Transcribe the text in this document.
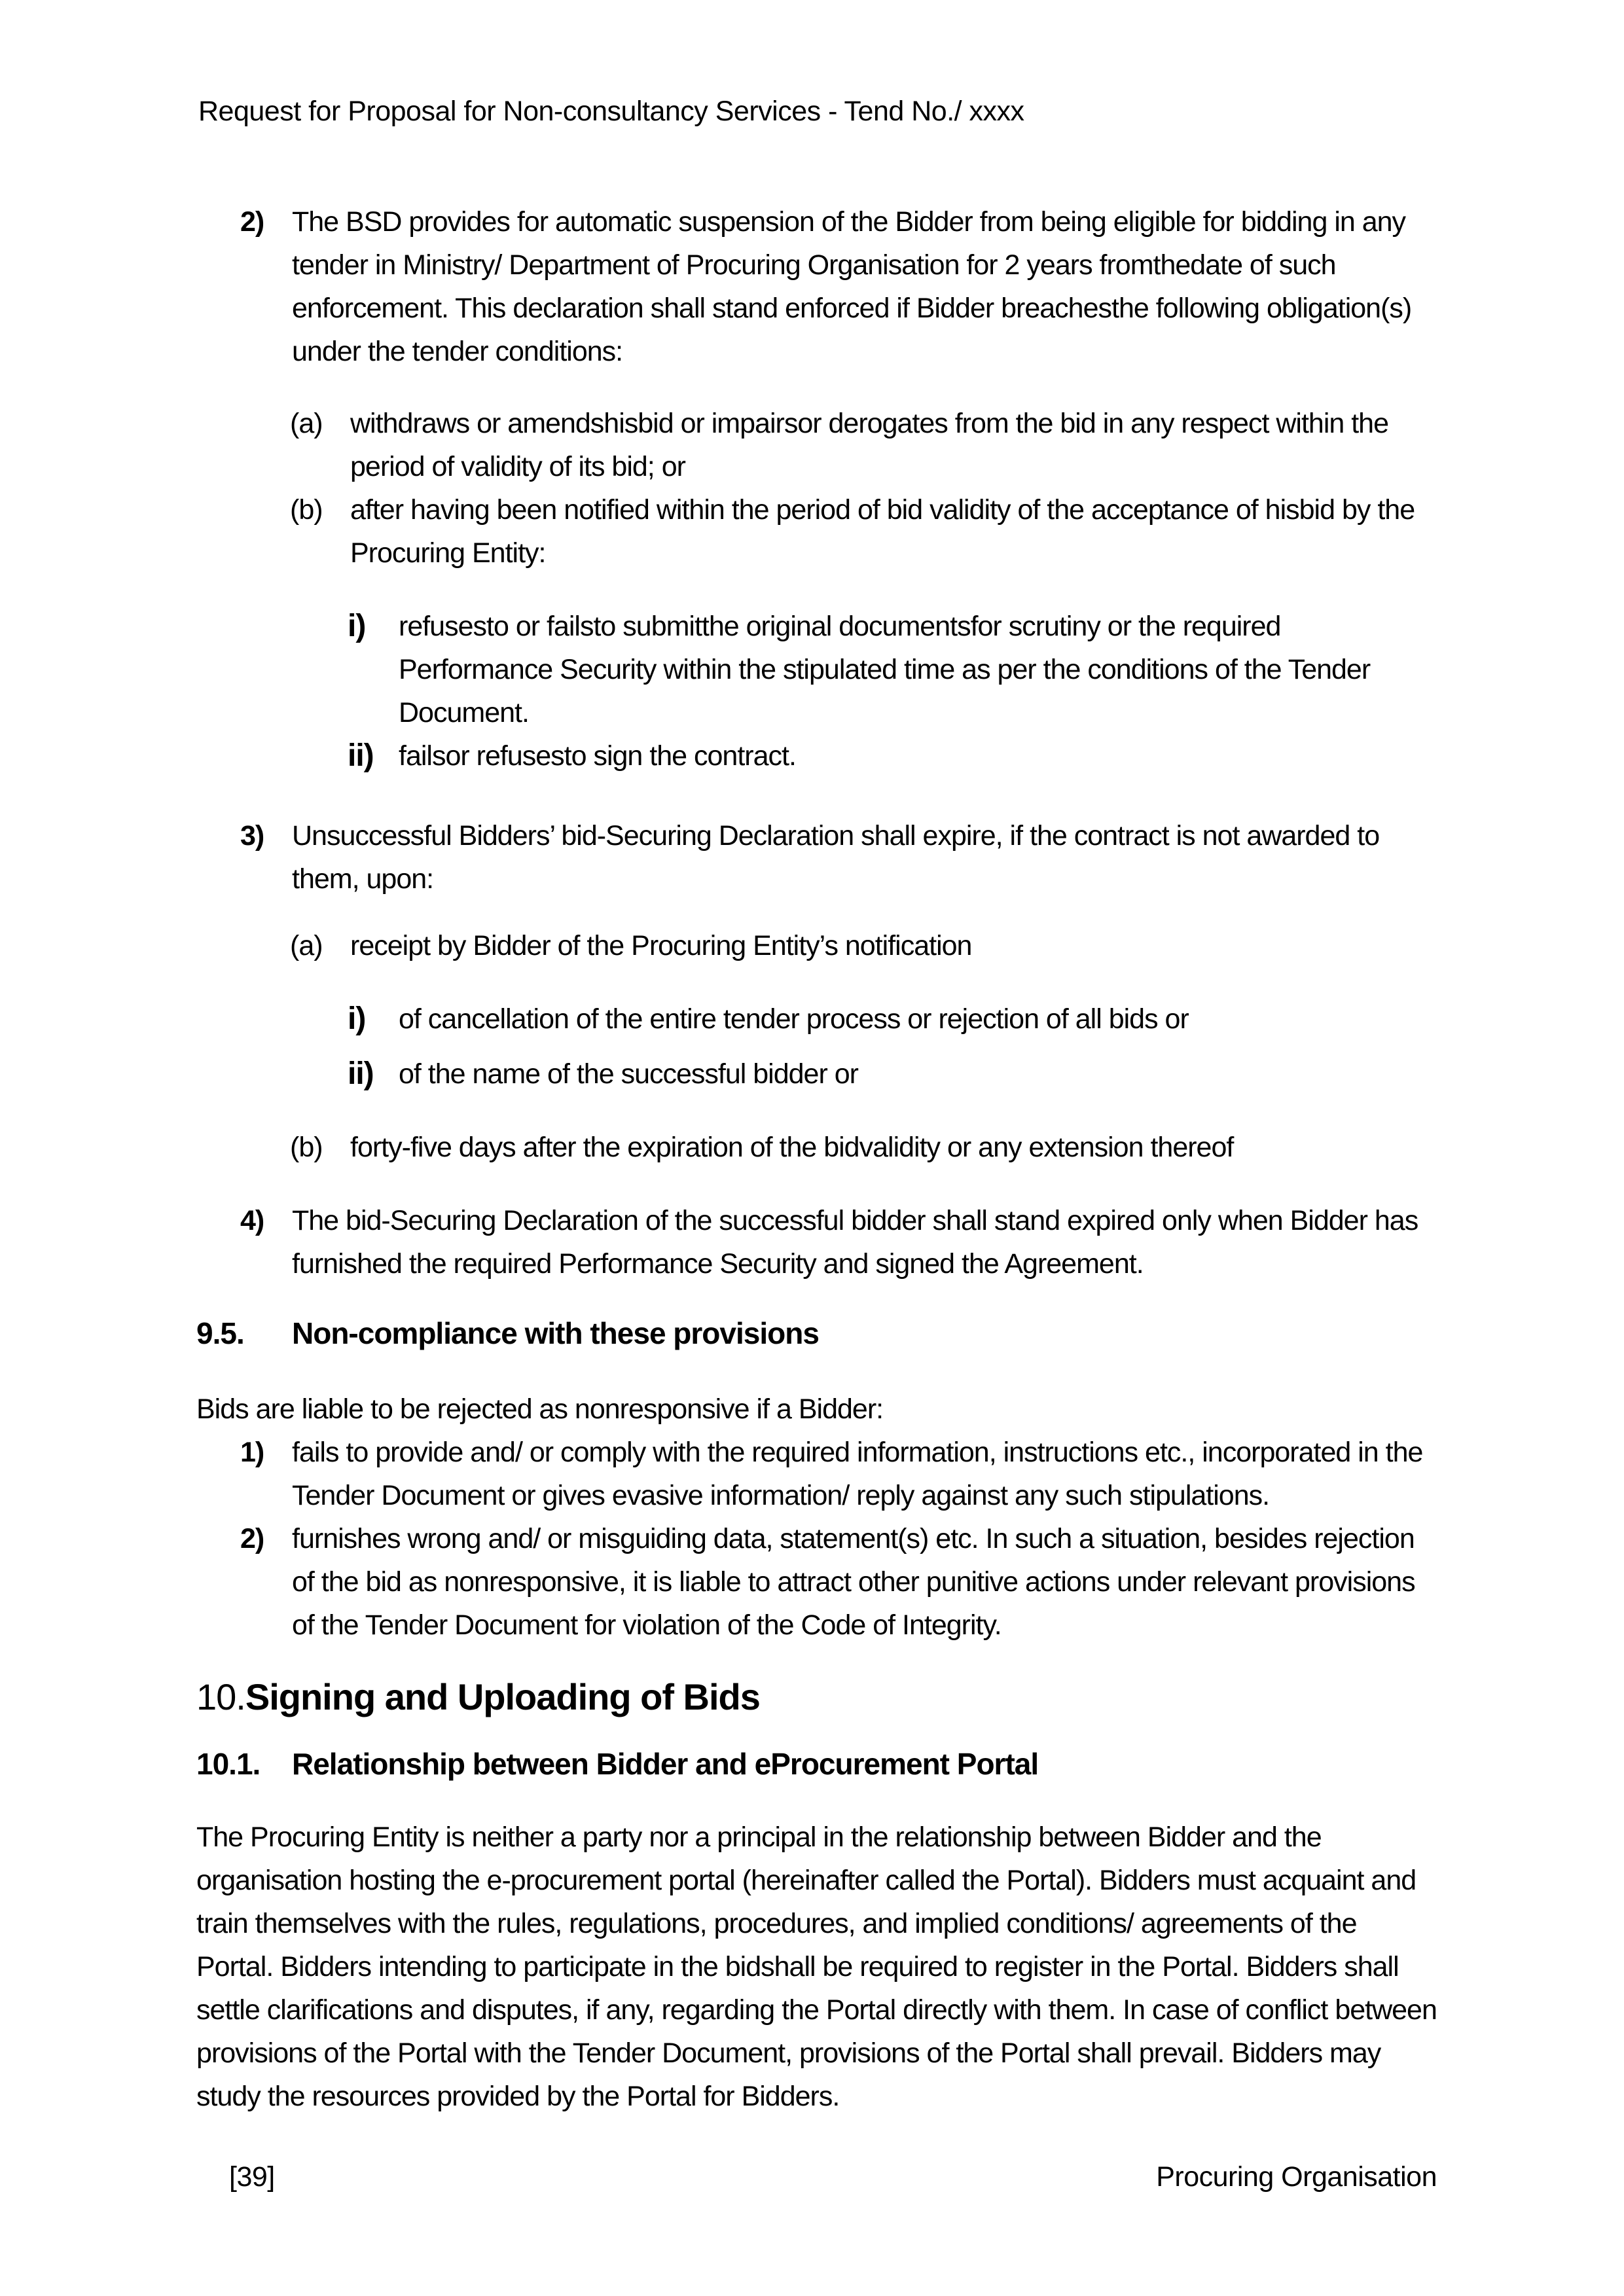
Request for Proposal for Non-consultancy Services - Tend No./ xxxx
2) The BSD provides for automatic suspension of the Bidder from being eligible for bidding in any tender in Ministry/ Department of Procuring Organisation for 2 years fromthedate of such enforcement. This declaration shall stand enforced if Bidder breachesthe following obligation(s) under the tender conditions:
(a) withdraws or amendshisbid or impairsor derogates from the bid in any respect within the period of validity of its bid; or
(b) after having been notified within the period of bid validity of the acceptance of hisbid by the Procuring Entity:
i)	refusesto or failsto submitthe original documentsfor scrutiny or the required Performance Security within the stipulated time as per the conditions of the Tender Document.
ii) failsor refusesto sign the contract.
3) Unsuccessful Bidders’ bid-Securing Declaration shall expire, if the contract is not awarded to them, upon:
(a) receipt by Bidder of the Procuring Entity’s notification
i)	of cancellation of the entire tender process or rejection of all bids or
ii) of the name of the successful bidder or
(b) forty-five days after the expiration of the bidvalidity or any extension thereof
4) The bid-Securing Declaration of the successful bidder shall stand expired only when Bidder has furnished the required Performance Security and signed the Agreement.
9.5.	Non-compliance with these provisions

Bids are liable to be rejected as nonresponsive if a Bidder:

1) fails to provide and/ or comply with the required information, instructions etc., incorporated in the Tender Document or gives evasive information/ reply against any such stipulations.
2) furnishes wrong and/ or misguiding data, statement(s) etc. In such a situation, besides rejection of the bid as nonresponsive, it is liable to attract other punitive actions under relevant provisions of the Tender Document for violation of the Code of Integrity.
10.Signing and Uploading of Bids
10.1.	Relationship between Bidder and eProcurement Portal

The Procuring Entity is neither a party nor a principal in the relationship between Bidder and the organisation hosting the e-procurement portal (hereinafter called the Portal). Bidders must acquaint and train themselves with the rules, regulations, procedures, and implied conditions/ agreements of the Portal. Bidders intending to participate in the bidshall be required to register in the Portal. Bidders shall settle clarifications and disputes, if any, regarding the Portal directly with them. In case of conflict between provisions of the Portal with the Tender Document, provisions of the Portal shall prevail. Bidders may study the resources provided by the Portal for Bidders.

[39]	Procuring Organisation
